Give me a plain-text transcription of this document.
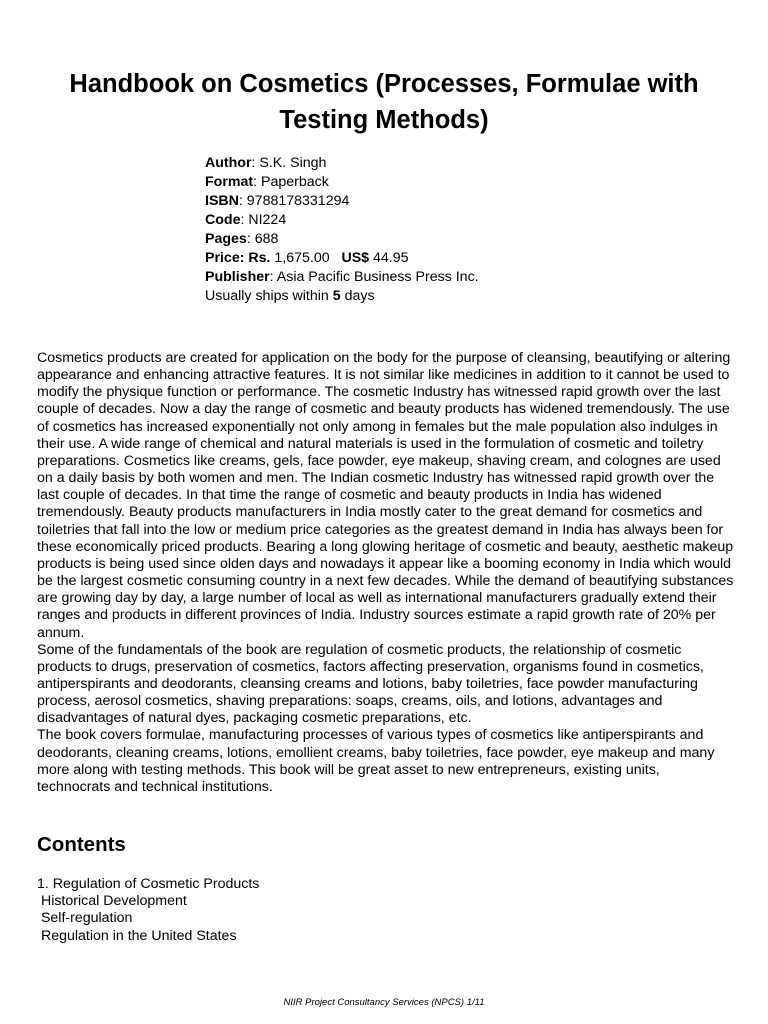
Handbook on Cosmetics (Processes, Formulae with Testing Methods)
Author: S.K. Singh
Format: Paperback
ISBN: 9788178331294
Code: NI224
Pages: 688
Price: Rs. 1,675.00   US$ 44.95
Publisher: Asia Pacific Business Press Inc.
Usually ships within 5 days

Cosmetics products are created for application on the body for the purpose of cleansing, beautifying or altering appearance and enhancing attractive features. It is not similar like medicines in addition to it cannot be used to modify the physique function or performance. The cosmetic Industry has witnessed rapid growth over the last couple of decades. Now a day the range of cosmetic and beauty products has widened tremendously. The use of cosmetics has increased exponentially not only among in females but the male population also indulges in their use. A wide range of chemical and natural materials is used in the formulation of cosmetic and toiletry preparations. Cosmetics like creams, gels, face powder, eye makeup, shaving cream, and colognes are used on a daily basis by both women and men. The Indian cosmetic Industry has witnessed rapid growth over the last couple of decades. In that time the range of cosmetic and beauty products in India has widened tremendously. Beauty products manufacturers in India mostly cater to the great demand for cosmetics and toiletries that fall into the low or medium price categories as the greatest demand in India has always been for these economically priced products. Bearing a long glowing heritage of cosmetic and beauty, aesthetic makeup products is being used since olden days and nowadays it appear like a booming economy in India which would be the largest cosmetic consuming country in a next few decades. While the demand of beautifying substances are growing day by day, a large number of local as well as international manufacturers gradually extend their ranges and products in different provinces of India. Industry sources estimate a rapid growth rate of 20% per annum.

Some of the fundamentals of the book are regulation of cosmetic products, the relationship of cosmetic products to drugs, preservation of cosmetics, factors affecting preservation, organisms found in cosmetics, antiperspirants and deodorants, cleansing creams and lotions, baby toiletries, face powder manufacturing process, aerosol cosmetics, shaving preparations: soaps, creams, oils, and lotions, advantages and disadvantages of natural dyes, packaging cosmetic preparations, etc.

The book covers formulae, manufacturing processes of various types of cosmetics like antiperspirants and deodorants, cleaning creams, lotions, emollient creams, baby toiletries, face powder, eye makeup and many more along with testing methods. This book will be great asset to new entrepreneurs, existing units, technocrats and technical institutions.

Contents
1. Regulation of Cosmetic Products
Historical Development
Self-regulation
Regulation in the United States
NIIR Project Consultancy Services (NPCS) 1/11
